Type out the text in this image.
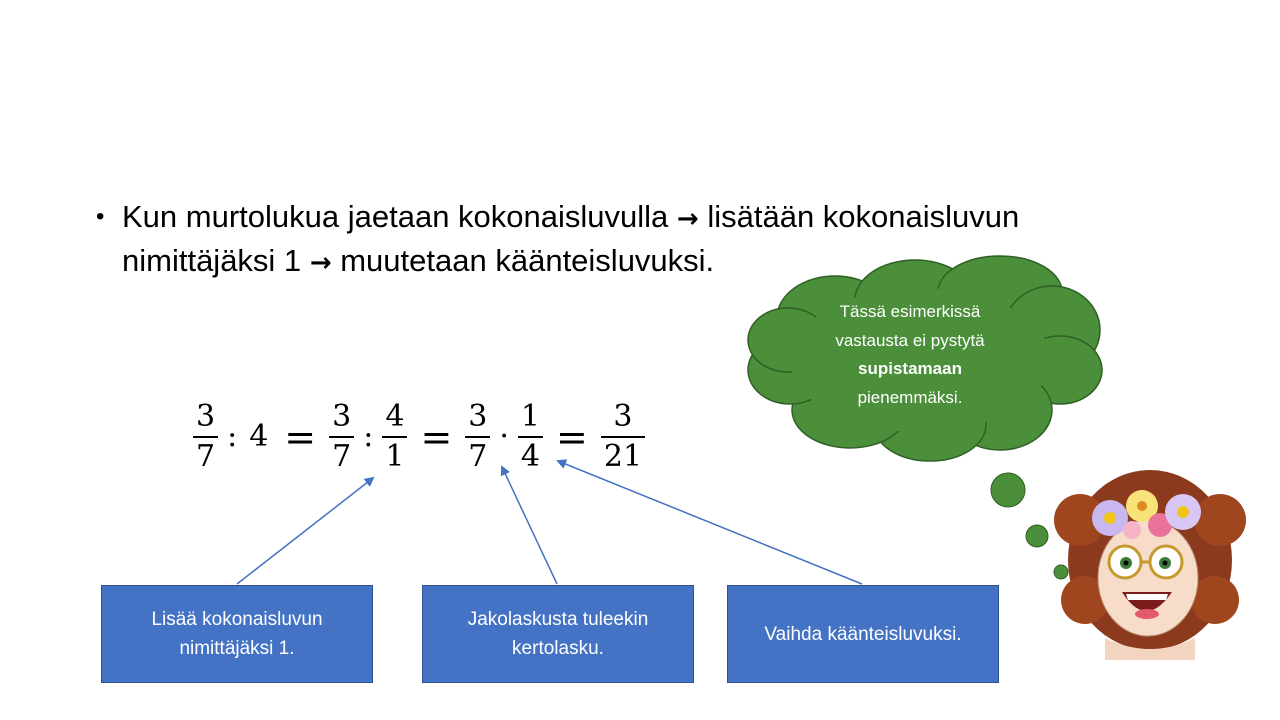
• Kun murtolukua jaetaan kokonaisluvulla → lisätään kokonaisluvun nimittäjäksi 1 → muutetaan käänteisluvuksi.
$\frac{3}{7}$ : $4 = \frac{3}{7}$ : $\frac{4}{1} = \frac{3}{7} \cdot \frac{1}{4} = \frac{3}{21}$
Tässä esimerkissä
vastausta ei pystytä
supistamaan
pienemmäksi.
Lisää kokonaisluvun
nimittäjäksi 1.
Jakolaskusta tuleekin
kertolasku.
Vaihda käänteisluvuksi.
